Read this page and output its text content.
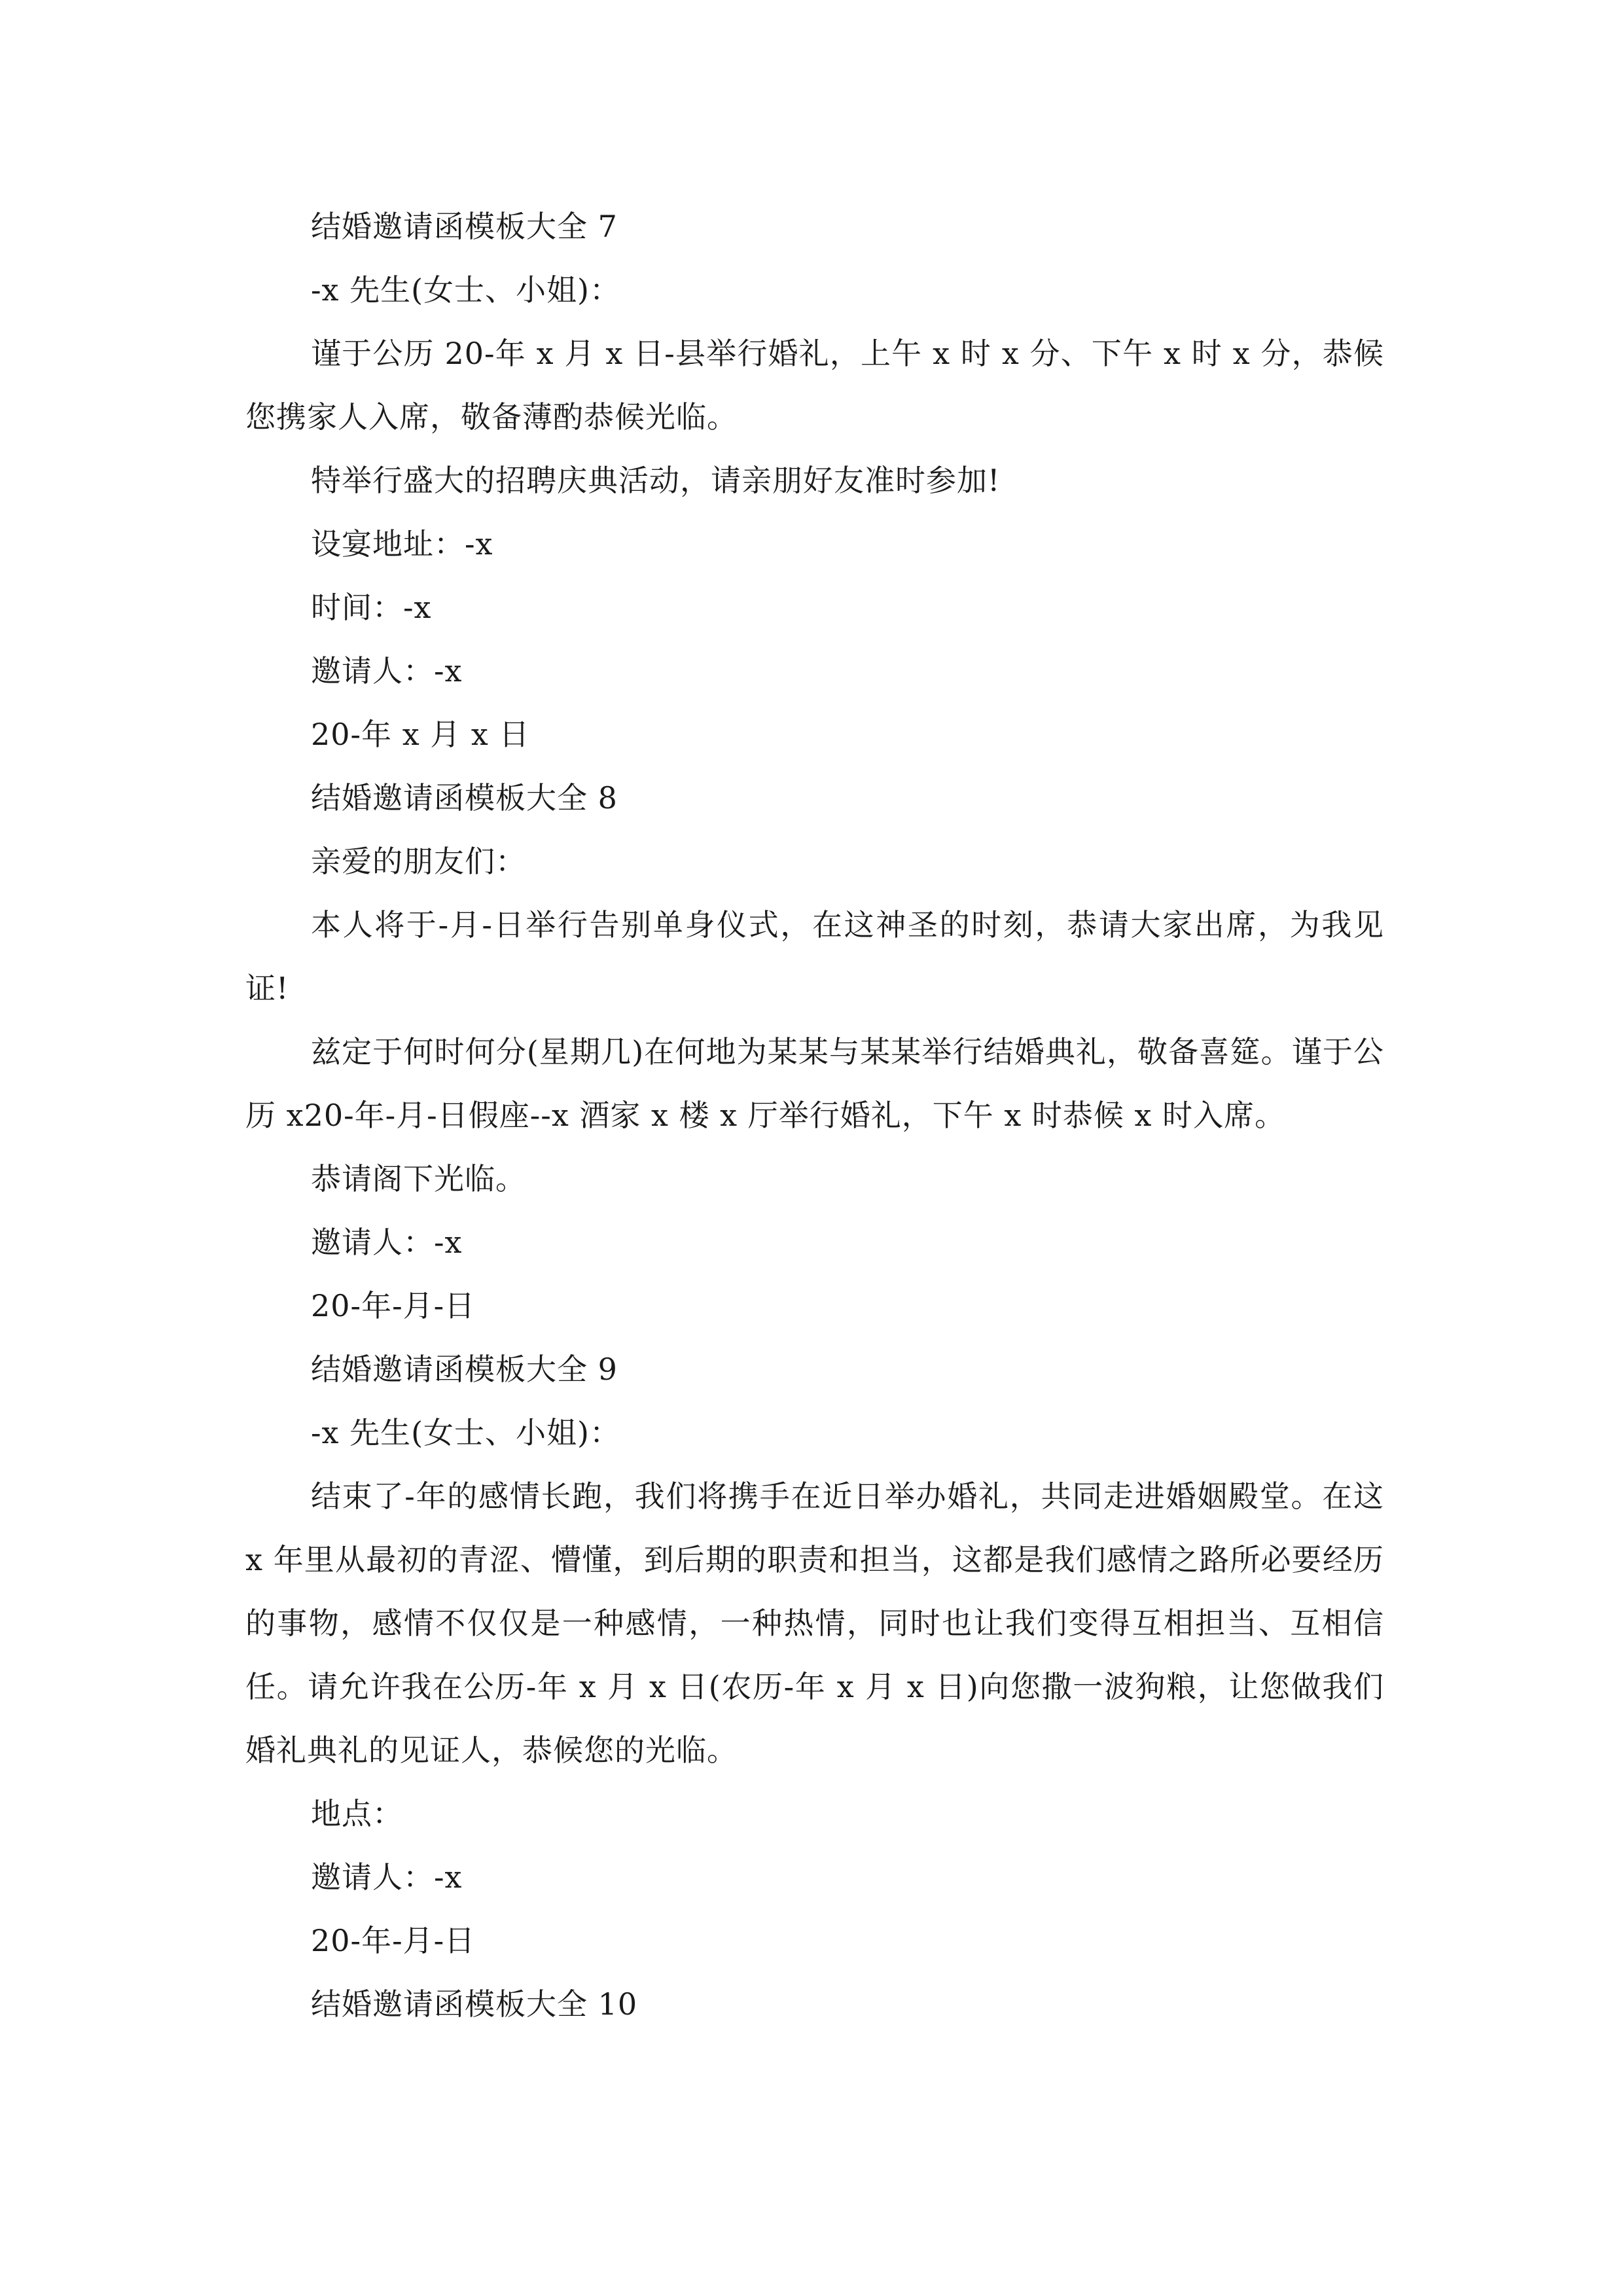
结婚邀请函模板大全 7
-x 先生(女士、小姐)：
谨于公历 20-年 x 月 x 日-县举行婚礼，上午 x 时 x 分、下午 x 时 x 分，恭候您携家人入席，敬备薄酌恭候光临。
特举行盛大的招聘庆典活动，请亲朋好友准时参加!
设宴地址：-x
时间：-x
邀请人：-x
20-年 x 月 x 日
结婚邀请函模板大全 8
亲爱的朋友们：
本人将于-月-日举行告别单身仪式，在这神圣的时刻，恭请大家出席，为我见证!
兹定于何时何分(星期几)在何地为某某与某某举行结婚典礼，敬备喜筵。谨于公历 x20-年-月-日假座--x 酒家 x 楼 x 厅举行婚礼，下午 x 时恭候 x 时入席。
恭请阁下光临。
邀请人：-x
20-年-月-日
结婚邀请函模板大全 9
-x 先生(女士、小姐)：
结束了-年的感情长跑，我们将携手在近日举办婚礼，共同走进婚姻殿堂。在这 x 年里从最初的青涩、懵懂，到后期的职责和担当，这都是我们感情之路所必要经历的事物，感情不仅仅是一种感情，一种热情，同时也让我们变得互相担当、互相信任。请允许我在公历-年 x 月 x 日(农历-年 x 月 x 日)向您撒一波狗粮，让您做我们婚礼典礼的见证人，恭候您的光临。
地点：
邀请人：-x
20-年-月-日
结婚邀请函模板大全 10
